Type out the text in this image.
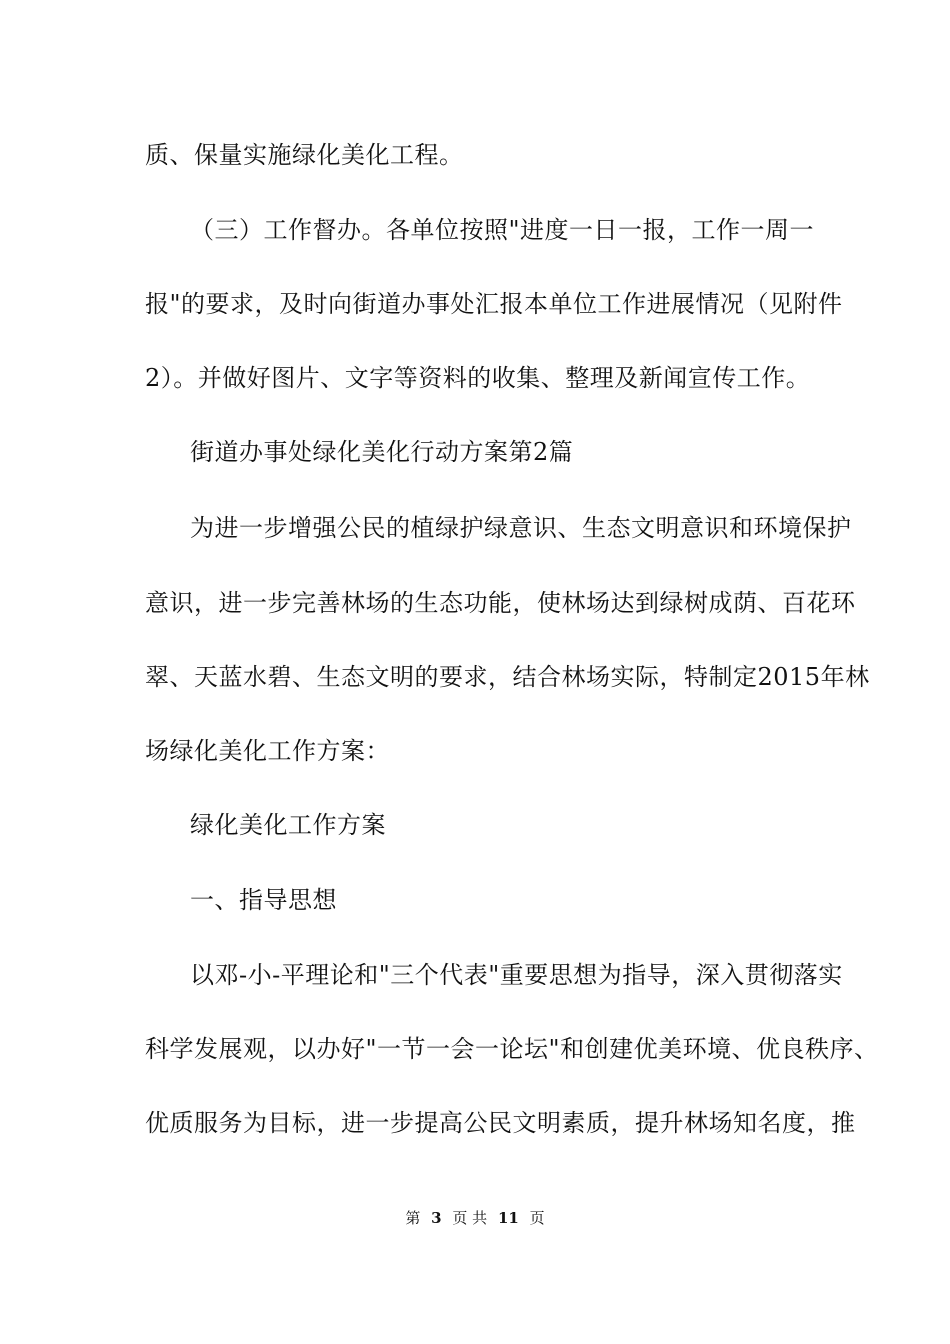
质、保量实施绿化美化工程。
（三）工作督办。各单位按照"进度一日一报，工作一周一
报"的要求，及时向街道办事处汇报本单位工作进展情况（见附件
2）。并做好图片、文字等资料的收集、整理及新闻宣传工作。
街道办事处绿化美化行动方案第2篇
为进一步增强公民的植绿护绿意识、生态文明意识和环境保护
意识，进一步完善林场的生态功能，使林场达到绿树成荫、百花环
翠、天蓝水碧、生态文明的要求，结合林场实际，特制定2015年林
场绿化美化工作方案：
绿化美化工作方案
一、指导思想
以邓-小-平理论和"三个代表"重要思想为指导，深入贯彻落实
科学发展观，以办好"一节一会一论坛"和创建优美环境、优良秩序、
优质服务为目标，进一步提高公民文明素质，提升林场知名度，推
第 3 页 共 11 页
